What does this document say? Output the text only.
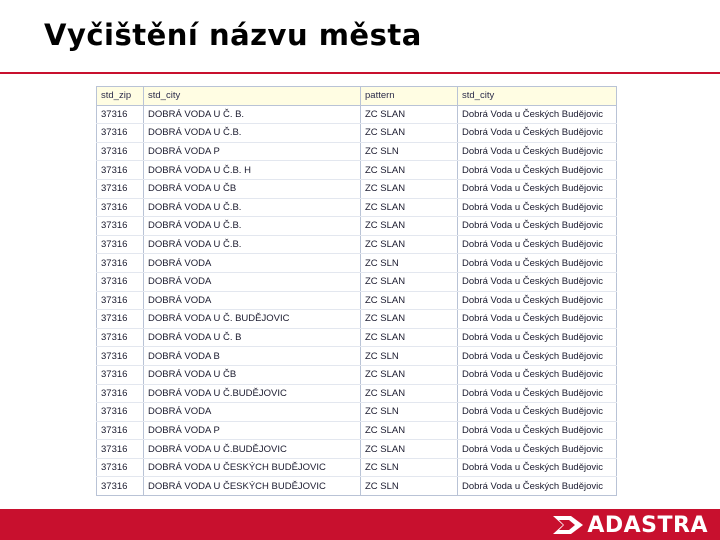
Vyčištění názvu města
std_zip	std_city	pattern	std_city
37316	DOBRÁ VODA U Č. B.	ZC SLAN	Dobrá Voda u Českých Budějovic
37316	DOBRÁ VODA U Č.B.	ZC SLAN	Dobrá Voda u Českých Budějovic
37316	DOBRÁ VODA P	ZC SLN	Dobrá Voda u Českých Budějovic
37316	DOBRÁ VODA U Č.B. H	ZC SLAN	Dobrá Voda u Českých Budějovic
37316	DOBRÁ VODA U ČB	ZC SLAN	Dobrá Voda u Českých Budějovic
37316	DOBRÁ VODA U Č.B.	ZC SLAN	Dobrá Voda u Českých Budějovic
37316	DOBRÁ VODA U Č.B.	ZC SLAN	Dobrá Voda u Českých Budějovic
37316	DOBRÁ VODA U Č.B.	ZC SLAN	Dobrá Voda u Českých Budějovic
37316	DOBRÁ VODA	ZC SLN	Dobrá Voda u Českých Budějovic
37316	DOBRÁ VODA	ZC SLAN	Dobrá Voda u Českých Budějovic
37316	DOBRÁ VODA	ZC SLAN	Dobrá Voda u Českých Budějovic
37316	DOBRÁ VODA U Č. BUDĚJOVIC	ZC SLAN	Dobrá Voda u Českých Budějovic
37316	DOBRÁ VODA U Č. B	ZC SLAN	Dobrá Voda u Českých Budějovic
37316	DOBRÁ VODA B	ZC SLN	Dobrá Voda u Českých Budějovic
37316	DOBRÁ VODA U ČB	ZC SLAN	Dobrá Voda u Českých Budějovic
37316	DOBRÁ VODA U Č.BUDĚJOVIC	ZC SLAN	Dobrá Voda u Českých Budějovic
37316	DOBRÁ VODA	ZC SLN	Dobrá Voda u Českých Budějovic
37316	DOBRÁ VODA P	ZC SLAN	Dobrá Voda u Českých Budějovic
37316	DOBRÁ VODA U Č.BUDĚJOVIC	ZC SLAN	Dobrá Voda u Českých Budějovic
37316	DOBRÁ VODA U ČESKÝCH BUDĚJOVIC	ZC SLN	Dobrá Voda u Českých Budějovic
37316	DOBRÁ VODA U ČESKÝCH BUDĚJOVIC	ZC SLN	Dobrá Voda u Českých Budějovic
ADASTRA
